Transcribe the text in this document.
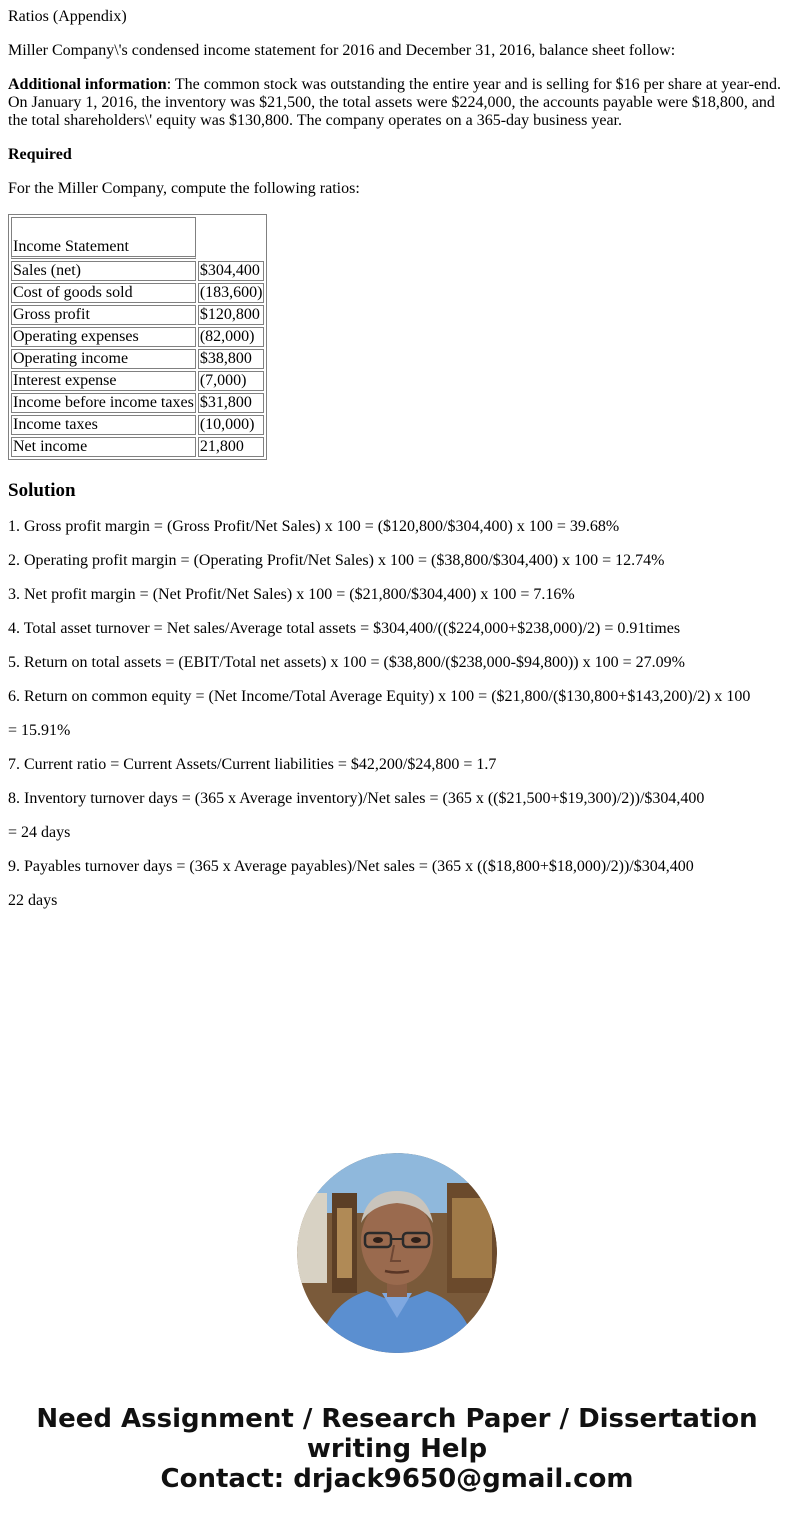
Ratios (Appendix)

Miller Company\'s condensed income statement for 2016 and December 31, 2016, balance sheet follow:

Additional information: The common stock was outstanding the entire year and is selling for $16 per share at year-end. On January 1, 2016, the inventory was $21,500, the total assets were $224,000, the accounts payable were $18,800, and the total shareholders\' equity was $130,800. The company operates on a 365-day business year.

Required

For the Miller Company, compute the following ratios:

Income Statement	
Sales (net)	$304,400
Cost of goods sold	(183,600)
Gross profit	$120,800
Operating expenses	(82,000)
Operating income	$38,800
Interest expense	(7,000)
Income before income taxes	$31,800
Income taxes	(10,000)
Net income	21,800
Solution

1. Gross profit margin = (Gross Profit/Net Sales) x 100 = ($120,800/$304,400) x 100 = 39.68%

2. Operating profit margin = (Operating Profit/Net Sales) x 100 = ($38,800/$304,400) x 100 = 12.74%

3. Net profit margin = (Net Profit/Net Sales) x 100 = ($21,800/$304,400) x 100 = 7.16%

4. Total asset turnover = Net sales/Average total assets = $304,400/(($224,000+$238,000)/2) = 0.91times

5. Return on total assets = (EBIT/Total net assets) x 100 = ($38,800/($238,000-$94,800)) x 100 = 27.09%

6. Return on common equity = (Net Income/Total Average Equity) x 100 = ($21,800/($130,800+$143,200)/2) x 100

= 15.91%

7. Current ratio = Current Assets/Current liabilities = $42,200/$24,800 = 1.7

8. Inventory turnover days = (365 x Average inventory)/Net sales = (365 x (($21,500+$19,300)/2))/$304,400

= 24 days

9. Payables turnover days = (365 x Average payables)/Net sales = (365 x (($18,800+$18,000)/2))/$304,400

22 days

Need Assignment / Research Paper / Dissertation
writing Help
Contact: drjack9650@gmail.com
